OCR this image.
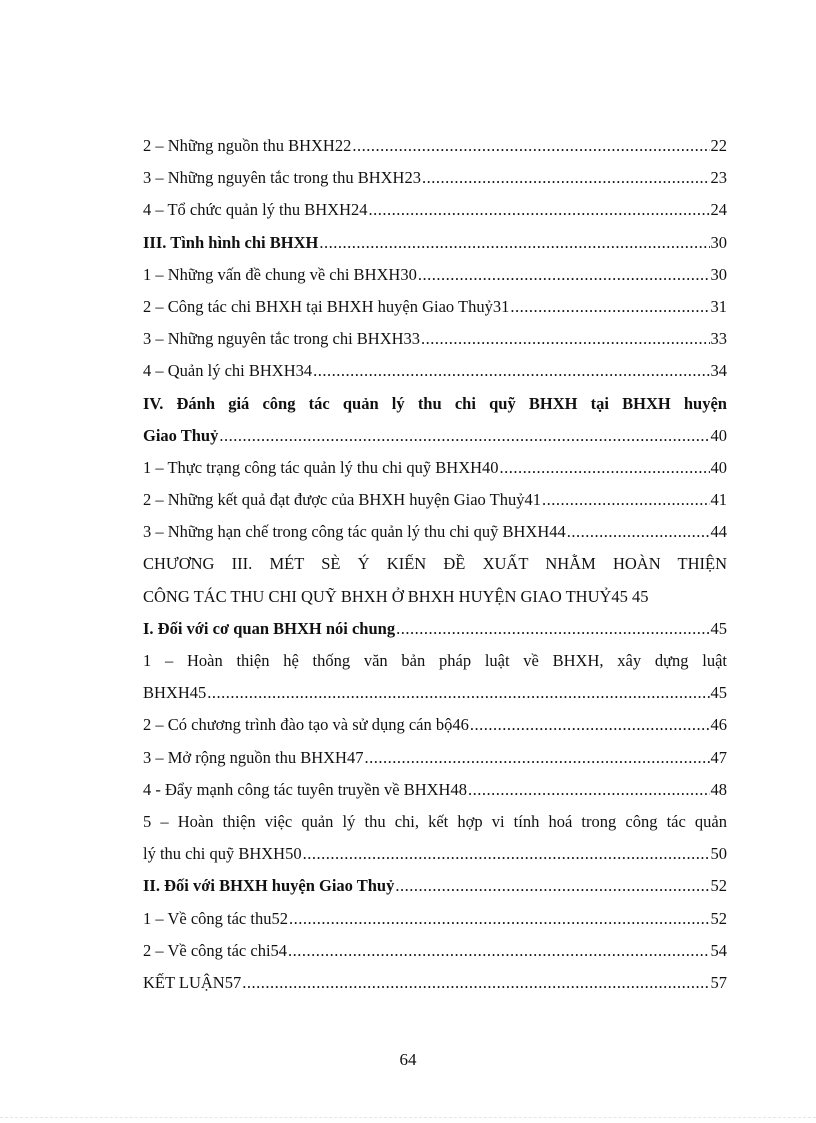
2 – Những nguồn thu BHXH22 .....	22
3 – Những nguyên tắc trong thu BHXH23 .....	23
4 – Tổ chức quản lý thu BHXH24 .....	24
III. Tình hình chi BHXH .....	30
1 – Những vấn đề chung về chi BHXH30 .....	30
2 – Công tác chi BHXH tại BHXH huyện Giao Thuỷ31 .....	31
3 – Những nguyên tắc trong chi BHXH33 .....	33
4 – Quản lý chi BHXH34 .....	34
IV. Đánh giá công tác quản lý thu chi quỹ BHXH tại BHXH huyện
Giao Thuỷ .....	40
1 – Thực trạng công tác quản lý thu chi quỹ BHXH40 .....	40
2 – Những kết quả đạt được của BHXH huyện Giao Thuỷ41 .....	41
3 – Những hạn chế trong công tác quản lý thu chi quỹ BHXH44 .....	44
CHƯƠNG III. MÉT SÈ Ý KIẾN ĐỀ XUẤT NHẰM HOÀN THIỆN
CÔNG TÁC THU CHI QUỸ BHXH Ở BHXH HUYỆN GIAO THUỶ45 45
I. Đối với cơ quan BHXH nói chung .....	45
1 – Hoàn thiện hệ thống văn bản pháp luật về BHXH, xây dựng luật
BHXH45 .....	45
2 – Có chương trình đào tạo và sử dụng cán bộ46 .....	46
3 – Mở rộng nguồn thu BHXH47 .....	47
4 - Đẩy mạnh công tác tuyên truyền về BHXH48 .....	48
5 – Hoàn thiện việc quản lý thu chi, kết hợp vi tính hoá trong công tác quản
lý thu chi quỹ BHXH50 .....	50
II. Đối với BHXH huyện Giao Thuỷ .....	52
1 – Về công tác thu52 .....	52
2 – Về công tác chi54 .....	54
KẾT LUẬN57 .....	57
64
